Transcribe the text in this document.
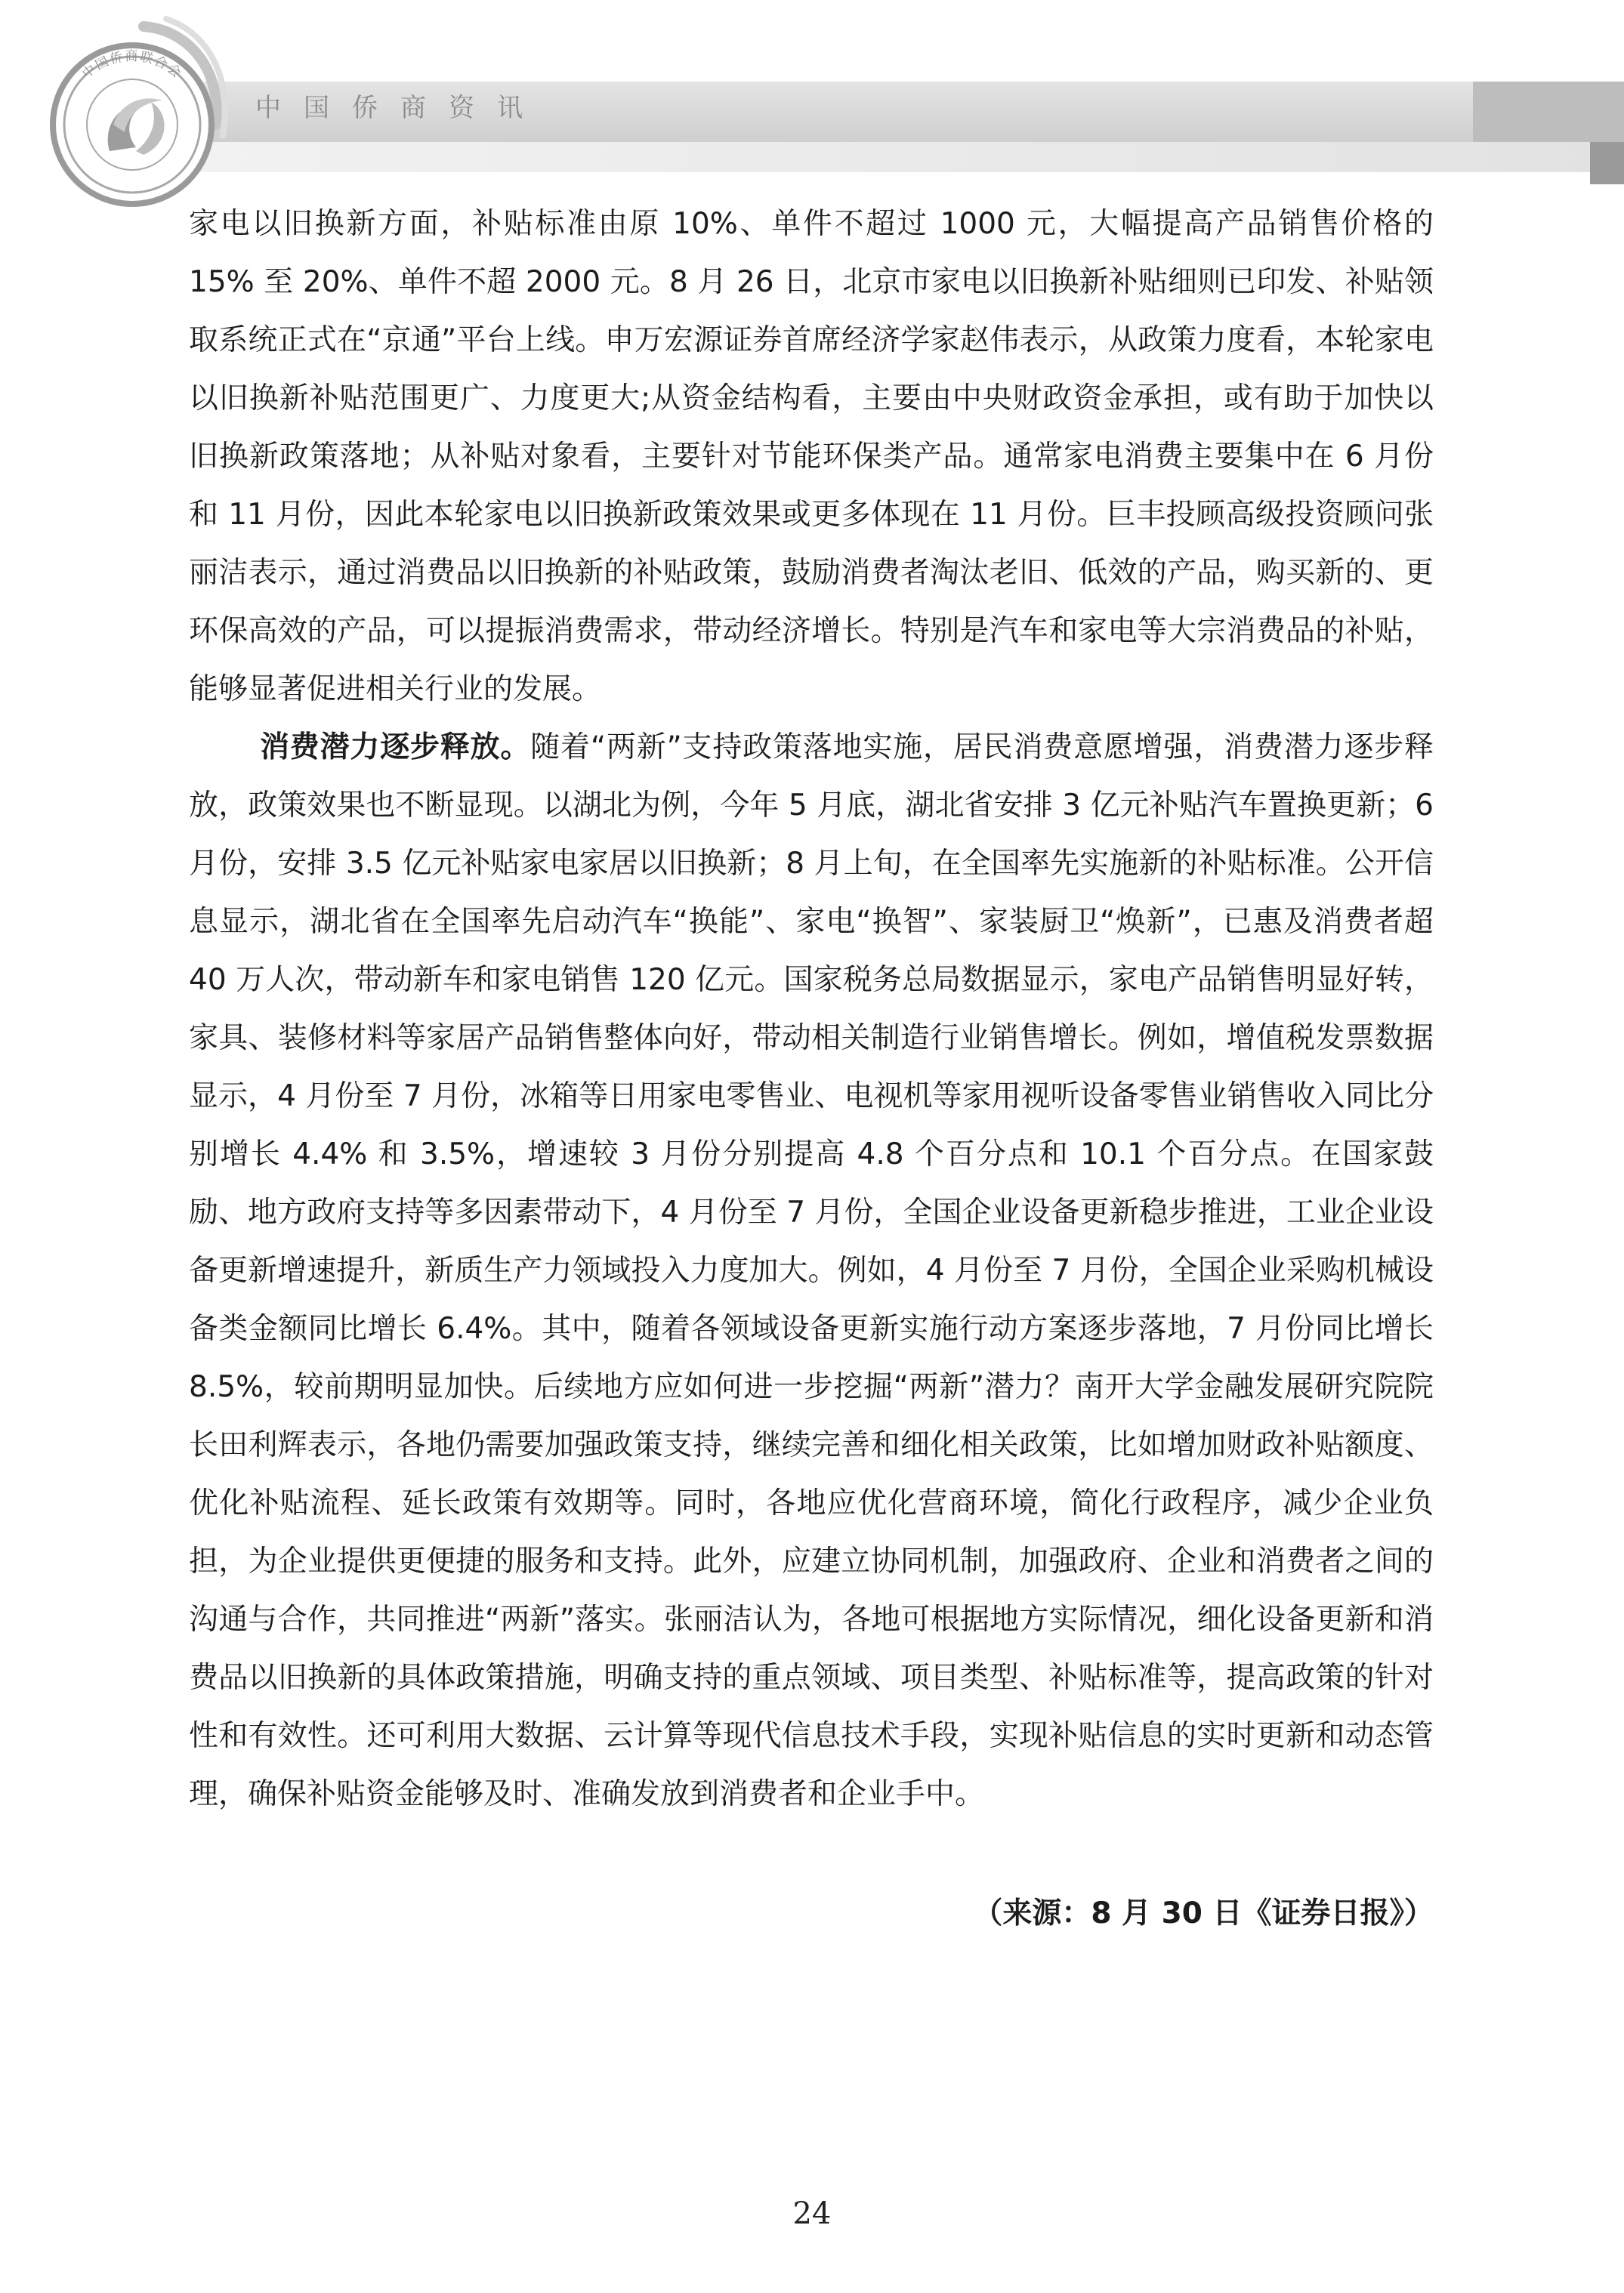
中国侨商资讯
中国侨商联合会

家电以旧换新方面，补贴标准由原 10%、单件不超过 1000 元，大幅提高产品销售价格的 15% 至 20%、单件不超 2000 元。8 月 26 日，北京市家电以旧换新补贴细则已印发、补贴领取系统正式在“京通”平台上线。申万宏源证券首席经济学家赵伟表示，从政策力度看，本轮家电以旧换新补贴范围更广、力度更大;从资金结构看，主要由中央财政资金承担，或有助于加快以旧换新政策落地；从补贴对象看，主要针对节能环保类产品。通常家电消费主要集中在 6 月份和 11 月份，因此本轮家电以旧换新政策效果或更多体现在 11 月份。巨丰投顾高级投资顾问张丽洁表示，通过消费品以旧换新的补贴政策，鼓励消费者淘汰老旧、低效的产品，购买新的、更环保高效的产品，可以提振消费需求，带动经济增长。特别是汽车和家电等大宗消费品的补贴，能够显著促进相关行业的发展。

消费潜力逐步释放。随着“两新”支持政策落地实施，居民消费意愿增强，消费潜力逐步释放，政策效果也不断显现。以湖北为例，今年 5 月底，湖北省安排 3 亿元补贴汽车置换更新；6 月份，安排 3.5 亿元补贴家电家居以旧换新；8 月上旬，在全国率先实施新的补贴标准。公开信息显示，湖北省在全国率先启动汽车“换能”、家电“换智”、家装厨卫“焕新”，已惠及消费者超 40 万人次，带动新车和家电销售 120 亿元。国家税务总局数据显示，家电产品销售明显好转，家具、装修材料等家居产品销售整体向好，带动相关制造行业销售增长。例如，增值税发票数据显示，4 月份至 7 月份，冰箱等日用家电零售业、电视机等家用视听设备零售业销售收入同比分别增长 4.4% 和 3.5%，增速较 3 月份分别提高 4.8 个百分点和 10.1 个百分点。在国家鼓励、地方政府支持等多因素带动下，4 月份至 7 月份，全国企业设备更新稳步推进，工业企业设备更新增速提升，新质生产力领域投入力度加大。例如，4 月份至 7 月份，全国企业采购机械设备类金额同比增长 6.4%。其中，随着各领域设备更新实施行动方案逐步落地，7 月份同比增长 8.5%，较前期明显加快。后续地方应如何进一步挖掘“两新”潜力？南开大学金融发展研究院院长田利辉表示，各地仍需要加强政策支持，继续完善和细化相关政策，比如增加财政补贴额度、优化补贴流程、延长政策有效期等。同时，各地应优化营商环境，简化行政程序，减少企业负担，为企业提供更便捷的服务和支持。此外，应建立协同机制，加强政府、企业和消费者之间的沟通与合作，共同推进“两新”落实。张丽洁认为，各地可根据地方实际情况，细化设备更新和消费品以旧换新的具体政策措施，明确支持的重点领域、项目类型、补贴标准等，提高政策的针对性和有效性。还可利用大数据、云计算等现代信息技术手段，实现补贴信息的实时更新和动态管理，确保补贴资金能够及时、准确发放到消费者和企业手中。

（来源：8 月 30 日《证券日报》）
24
